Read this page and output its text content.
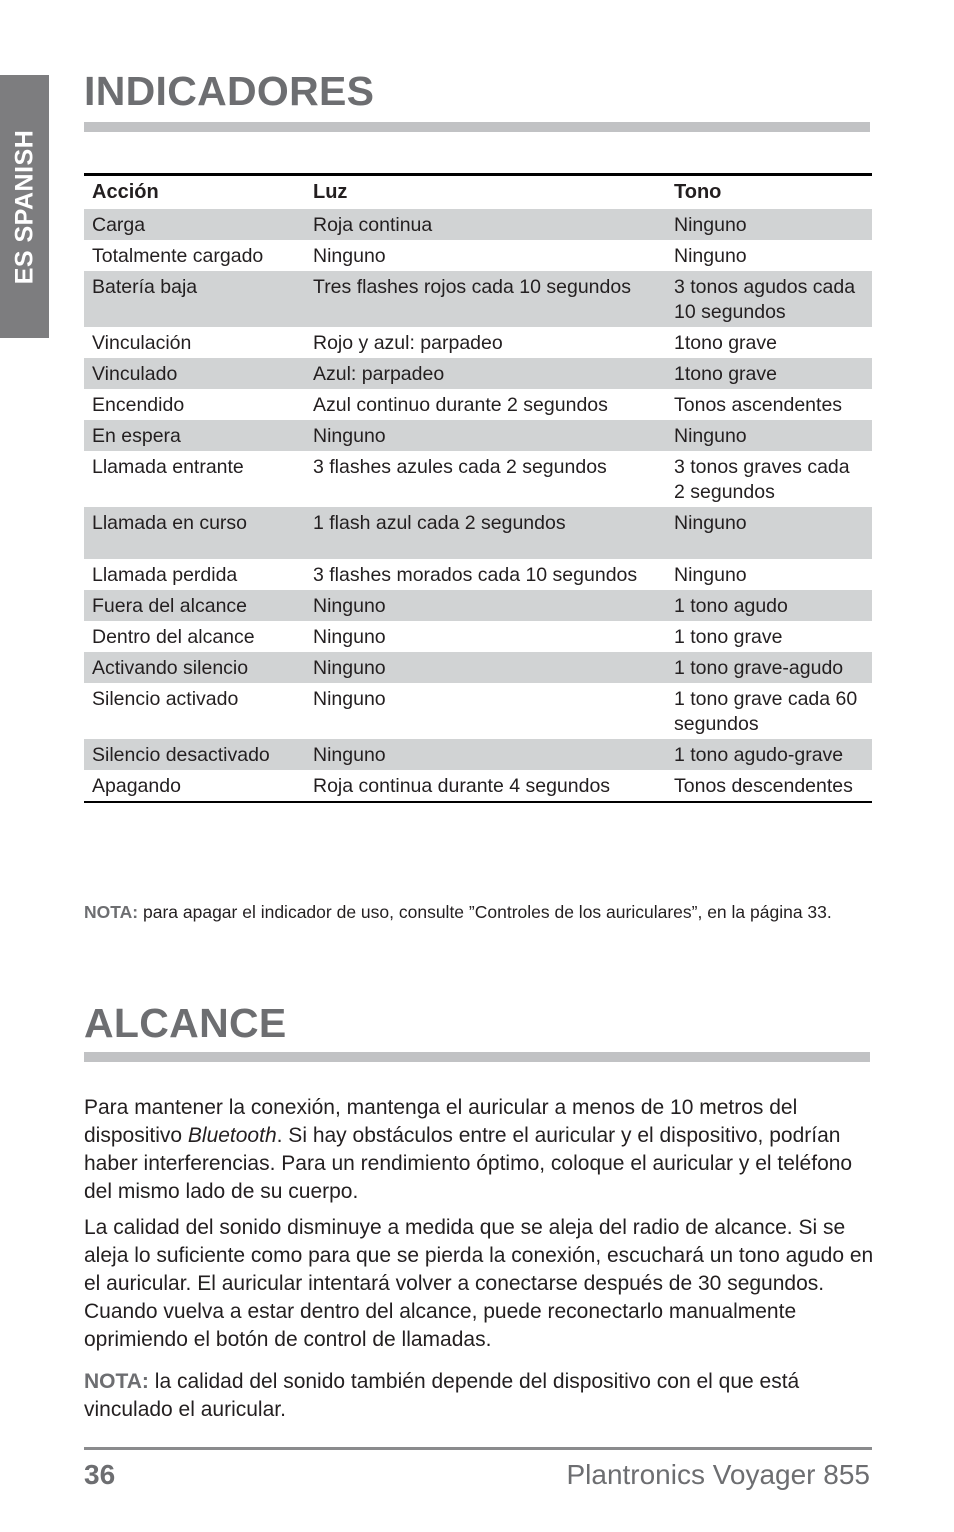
ES SPANISH
INDICADORES
Acción	Luz	Tono
Carga	Roja continua	Ninguno
Totalmente cargado	Ninguno	Ninguno
Batería baja	Tres flashes rojos cada 10 segundos	3 tonos agudos cada 10 segundos
Vinculación	Rojo y azul: parpadeo	1tono grave
Vinculado	Azul: parpadeo	1tono grave
Encendido	Azul continuo durante 2 segundos	Tonos ascendentes
En espera	Ninguno	Ninguno
Llamada entrante	3 flashes azules cada 2 segundos	3 tonos graves cada 2 segundos
Llamada en curso	1 flash azul cada 2 segundos	Ninguno
Llamada perdida	3 flashes morados cada 10 segundos	Ninguno
Fuera del alcance	Ninguno	1 tono agudo
Dentro del alcance	Ninguno	1 tono grave
Activando silencio	Ninguno	1 tono grave-agudo
Silencio activado	Ninguno	1 tono grave cada 60 segundos
Silencio desactivado	Ninguno	1 tono agudo-grave
Apagando	Roja continua durante 4 segundos	Tonos descendentes
NOTA: para apagar el indicador de uso, consulte ”Controles de los auriculares”, en la página 33.
ALCANCE

Para mantener la conexión, mantenga el auricular a menos de 10 metros del dispositivo Bluetooth. Si hay obstáculos entre el auricular y el dispositivo, podrían haber interferencias. Para un rendimiento óptimo, coloque el auricular y el teléfono del mismo lado de su cuerpo.

La calidad del sonido disminuye a medida que se aleja del radio de alcance. Si se aleja lo suficiente como para que se pierda la conexión, escuchará un tono agudo en el auricular. El auricular intentará volver a conectarse después de 30 segundos. Cuando vuelva a estar dentro del alcance, puede reconectarlo manualmente oprimiendo el botón de control de llamadas.

NOTA: la calidad del sonido también depende del dispositivo con el que está vinculado el auricular.

36	Plantronics Voyager 855
